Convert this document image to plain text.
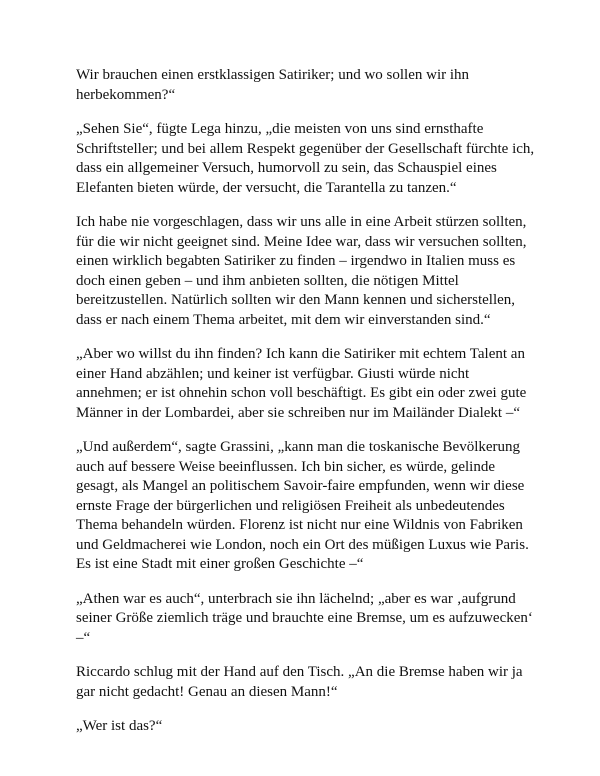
Wir brauchen einen erstklassigen Satiriker; und wo sollen wir ihn herbekommen?“

„Sehen Sie“, fügte Lega hinzu, „die meisten von uns sind ernsthafte Schriftsteller; und bei allem Respekt gegenüber der Gesellschaft fürchte ich, dass ein allgemeiner Versuch, humorvoll zu sein, das Schauspiel eines Elefanten bieten würde, der versucht, die Tarantella zu tanzen.“

Ich habe nie vorgeschlagen, dass wir uns alle in eine Arbeit stürzen sollten, für die wir nicht geeignet sind. Meine Idee war, dass wir versuchen sollten, einen wirklich begabten Satiriker zu finden – irgendwo in Italien muss es doch einen geben – und ihm anbieten sollten, die nötigen Mittel bereitzustellen. Natürlich sollten wir den Mann kennen und sicherstellen, dass er nach einem Thema arbeitet, mit dem wir einverstanden sind.“

„Aber wo willst du ihn finden? Ich kann die Satiriker mit echtem Talent an einer Hand abzählen; und keiner ist verfügbar. Giusti würde nicht annehmen; er ist ohnehin schon voll beschäftigt. Es gibt ein oder zwei gute Männer in der Lombardei, aber sie schreiben nur im Mailänder Dialekt –“

„Und außerdem“, sagte Grassini, „kann man die toskanische Bevölkerung auch auf bessere Weise beeinflussen. Ich bin sicher, es würde, gelinde gesagt, als Mangel an politischem Savoir-faire empfunden, wenn wir diese ernste Frage der bürgerlichen und religiösen Freiheit als unbedeutendes Thema behandeln würden. Florenz ist nicht nur eine Wildnis von Fabriken und Geldmacherei wie London, noch ein Ort des müßigen Luxus wie Paris. Es ist eine Stadt mit einer großen Geschichte –“

„Athen war es auch“, unterbrach sie ihn lächelnd; „aber es war ‚aufgrund seiner Größe ziemlich träge und brauchte eine Bremse, um es aufzuwecken‘ –“

Riccardo schlug mit der Hand auf den Tisch. „An die Bremse haben wir ja gar nicht gedacht! Genau an diesen Mann!“

„Wer ist das?“
